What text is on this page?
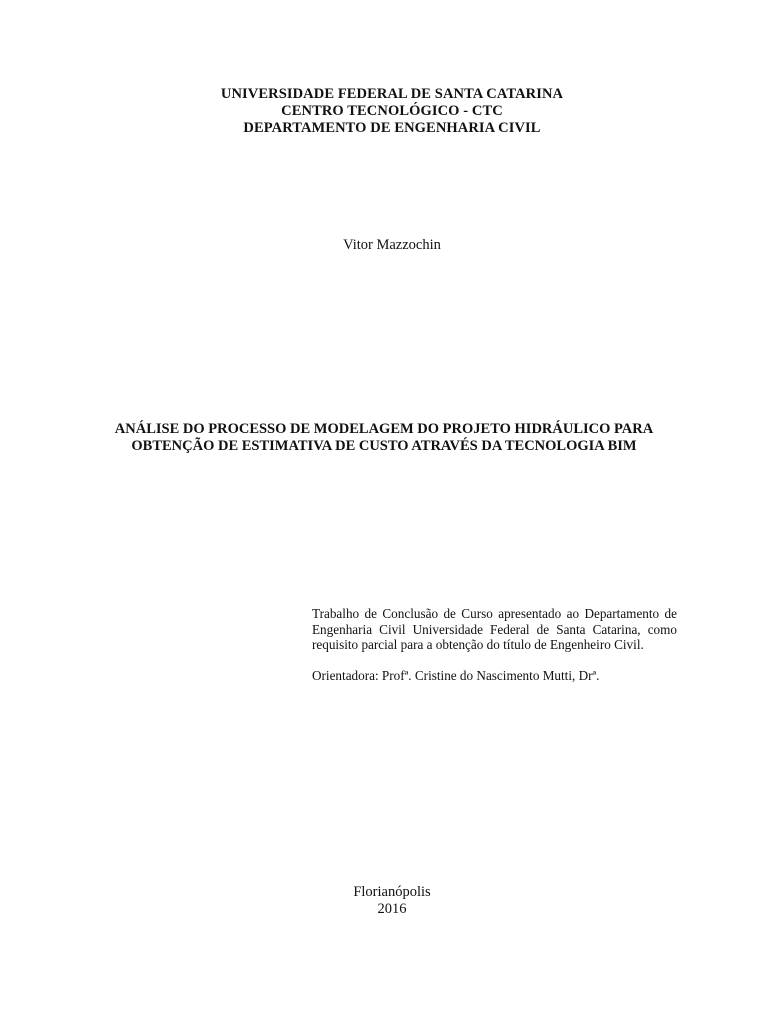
UNIVERSIDADE FEDERAL DE SANTA CATARINA
CENTRO TECNOLÓGICO - CTC
DEPARTAMENTO DE ENGENHARIA CIVIL
Vitor Mazzochin
ANÁLISE DO PROCESSO DE MODELAGEM DO PROJETO HIDRÁULICO PARA
OBTENÇÃO DE ESTIMATIVA DE CUSTO ATRAVÉS DA TECNOLOGIA BIM
Trabalho de Conclusão de Curso apresentado ao Departamento de Engenharia Civil Universidade Federal de Santa Catarina, como requisito parcial para a obtenção do título de Engenheiro Civil.
Orientadora: Profª. Cristine do Nascimento Mutti, Drª.
Florianópolis
2016
